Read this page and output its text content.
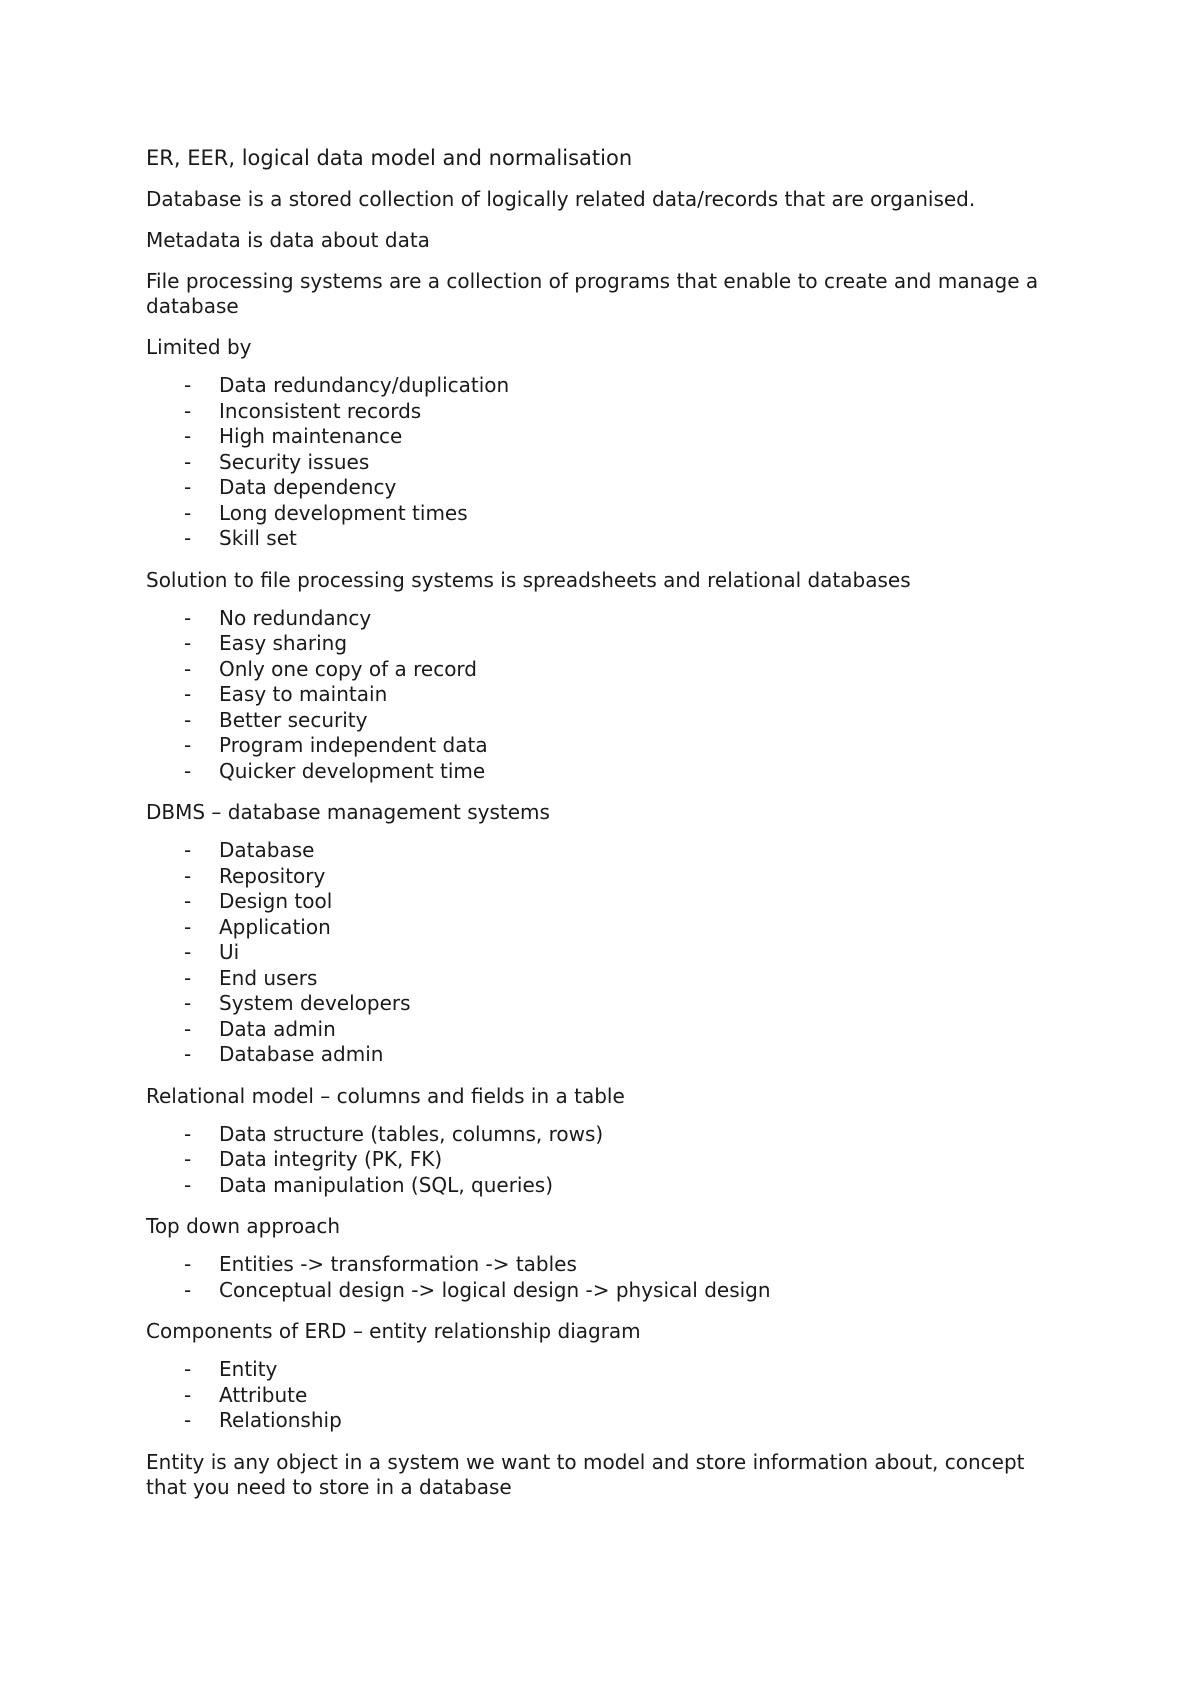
ER, EER, logical data model and normalisation

Database is a stored collection of logically related data/records that are organised.

Metadata is data about data

File processing systems are a collection of programs that enable to create and manage a database

Limited by

- Data redundancy/duplication
- Inconsistent records
- High maintenance
- Security issues
- Data dependency
- Long development times
- Skill set

Solution to file processing systems is spreadsheets and relational databases

- No redundancy
- Easy sharing
- Only one copy of a record
- Easy to maintain
- Better security
- Program independent data
- Quicker development time

DBMS – database management systems

- Database
- Repository
- Design tool
- Application
- Ui
- End users
- System developers
- Data admin
- Database admin

Relational model – columns and fields in a table

- Data structure (tables, columns, rows)
- Data integrity (PK, FK)
- Data manipulation (SQL, queries)

Top down approach

- Entities -> transformation -> tables
- Conceptual design -> logical design -> physical design

Components of ERD – entity relationship diagram

- Entity
- Attribute
- Relationship

Entity is any object in a system we want to model and store information about, concept that you need to store in a database
